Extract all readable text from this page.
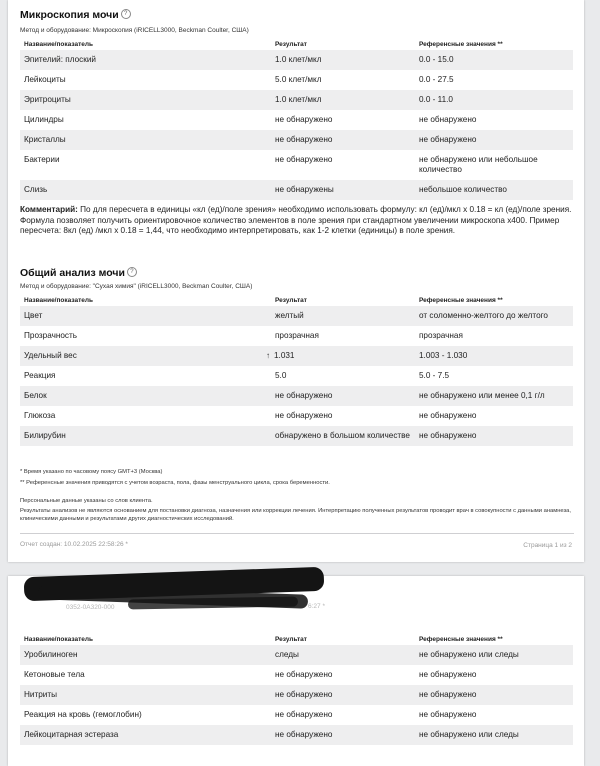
Микроскопия мочи ?
Метод и оборудование: Микроскопия (iRICELL3000, Beckman Coulter, США)
Название/показатель	Результат	Референсные значения **
Эпителий: плоский	1.0 клет/мкл	0.0 - 15.0
Лейкоциты	5.0 клет/мкл	0.0 - 27.5
Эритроциты	1.0 клет/мкл	0.0 - 11.0
Цилиндры	не обнаружено	не обнаружено
Кристаллы	не обнаружено	не обнаружено
Бактерии	не обнаружено	не обнаружено или небольшое количество
Слизь	не обнаружены	небольшое количество
Комментарий: По для пересчета в единицы «кл (ед)/поле зрения» необходимо использовать формулу: кл (ед)/мкл x 0.18 = кл (ед)/поле зрения. Формула позволяет получить ориентировочное количество элементов в поле зрения при стандартном увеличении микроскопа x400. Пример пересчета: 8кл (ед) /мкл x 0.18 = 1,44, что необходимо интерпретировать, как 1-2 клетки (единицы) в поле зрения.
Общий анализ мочи ?
Метод и оборудование: "Сухая химия" (iRICELL3000, Beckman Coulter, США)
Название/показатель	Результат	Референсные значения **
Цвет	желтый	от соломенно-желтого до желтого
Прозрачность	прозрачная	прозрачная
Удельный вес	↑ 1.031	1.003 - 1.030
Реакция	5.0	5.0 - 7.5
Белок	не обнаружено	не обнаружено или менее 0,1 г/л
Глюкоза	не обнаружено	не обнаружено
Билирубин	обнаружено в большом количестве	не обнаружено
* Время указано по часовому поясу GMT+3 (Москва)
** Референсные значения приводятся с учетом возраста, пола, фазы менструального цикла, срока беременности.
Персональные данные указаны со слов клиента.
Результаты анализов не являются основанием для постановки диагноза, назначения или коррекции лечения. Интерпретацию полученных результатов проводит врач в совокупности с данными анамнеза, клиническими данными и результатами других диагностических исследований.
Отчет создан: 10.02.2025 22:58:26 *	Страница 1 из 2
0352-0A320-000	6:27 *
Название/показатель	Результат	Референсные значения **
Уробилиноген	следы	не обнаружено или следы
Кетоновые тела	не обнаружено	не обнаружено
Нитриты	не обнаружено	не обнаружено
Реакция на кровь (гемоглобин)	не обнаружено	не обнаружено
Лейкоцитарная эстераза	не обнаружено	не обнаружено или следы
